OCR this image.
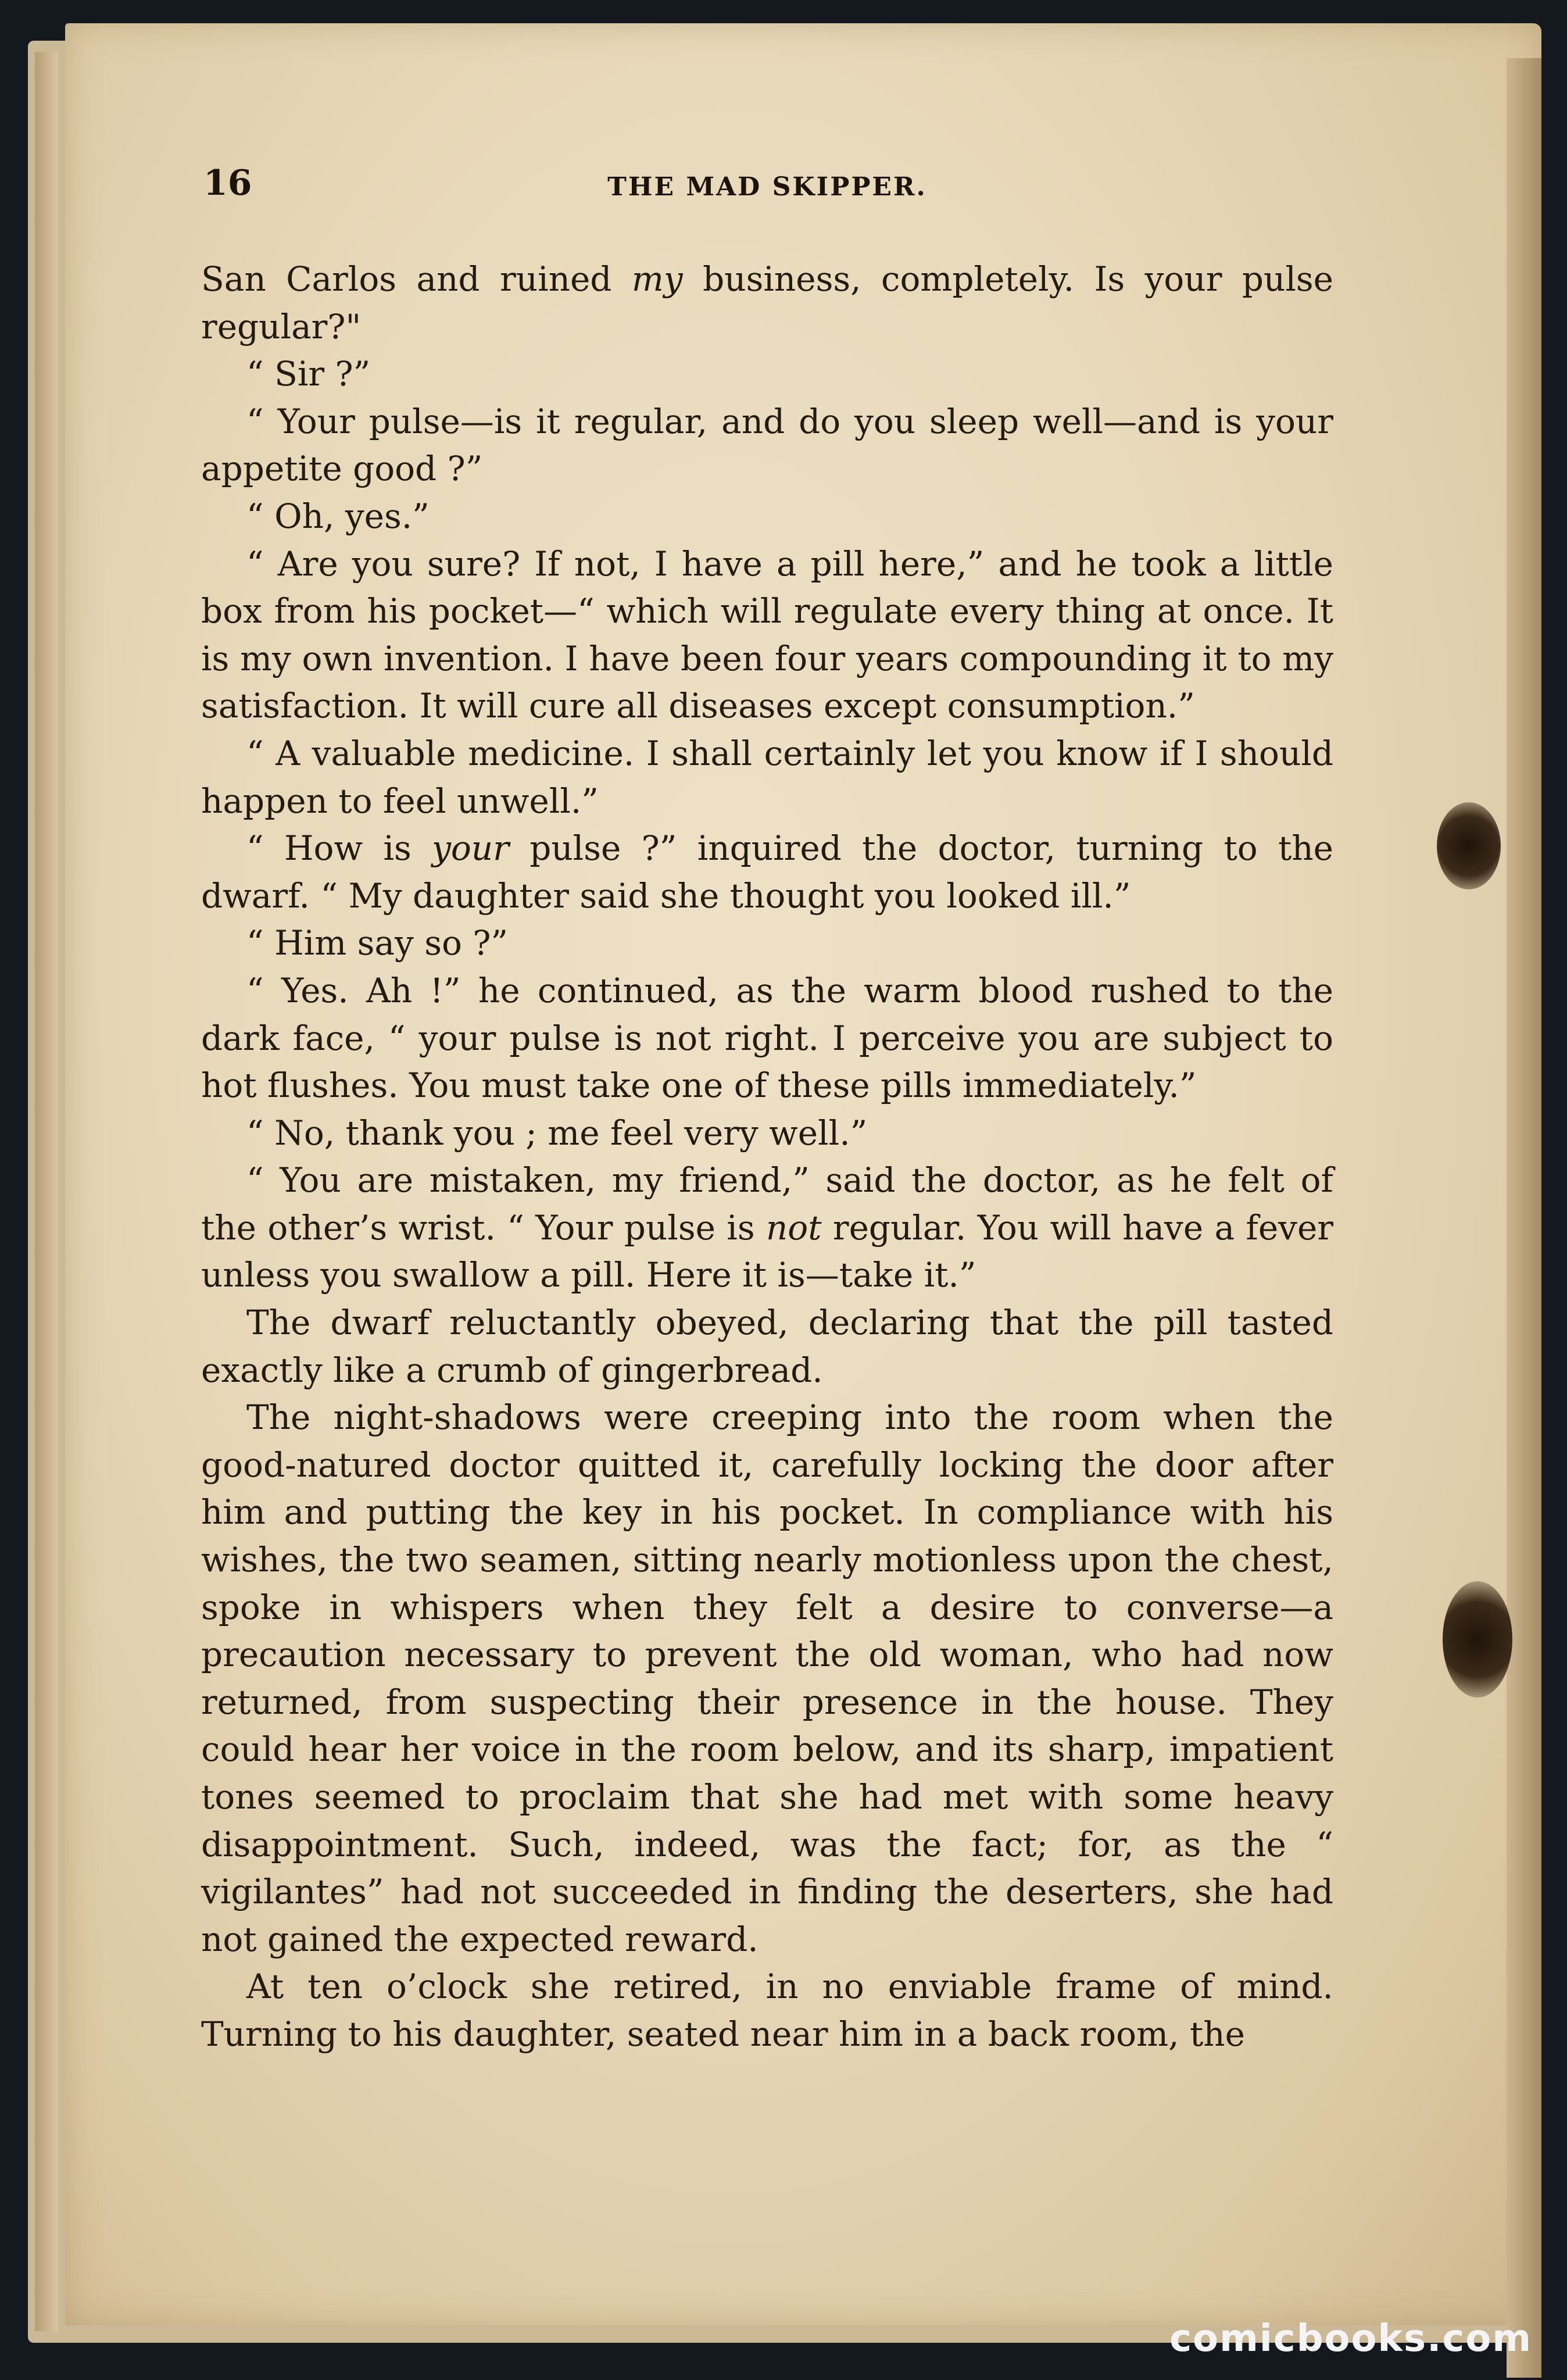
16	THE MAD SKIPPER.

San Carlos and ruined my business, completely. Is your pulse regular?"

“ Sir ?”

“ Your pulse—is it regular, and do you sleep well—and is your appetite good ?”

“ Oh, yes.”

“ Are you sure? If not, I have a pill here,” and he took a little box from his pocket—“ which will regulate every thing at once. It is my own invention. I have been four years compounding it to my satisfaction. It will cure all diseases except consumption.”

“ A valuable medicine. I shall certainly let you know if I should happen to feel unwell.”

“ How is your pulse ?” inquired the doctor, turning to the dwarf. “ My daughter said she thought you looked ill.”

“ Him say so ?”

“ Yes. Ah !” he continued, as the warm blood rushed to the dark face, “ your pulse is not right. I perceive you are subject to hot flushes. You must take one of these pills immediately.”

“ No, thank you ; me feel very well.”

“ You are mistaken, my friend,” said the doctor, as he felt of the other’s wrist. “ Your pulse is not regular. You will have a fever unless you swallow a pill. Here it is—take it.”

The dwarf reluctantly obeyed, declaring that the pill tasted exactly like a crumb of gingerbread.

The night-shadows were creeping into the room when the good-natured doctor quitted it, carefully locking the door after him and putting the key in his pocket. In compliance with his wishes, the two seamen, sitting nearly motionless upon the chest, spoke in whispers when they felt a desire to converse—a precaution necessary to prevent the old woman, who had now returned, from suspecting their presence in the house. They could hear her voice in the room below, and its sharp, impatient tones seemed to proclaim that she had met with some heavy disappointment. Such, indeed, was the fact; for, as the “ vigilantes” had not succeeded in finding the deserters, she had not gained the expected reward.

At ten o’clock she retired, in no enviable frame of mind. Turning to his daughter, seated near him in a back room, the

comicbooks.com
